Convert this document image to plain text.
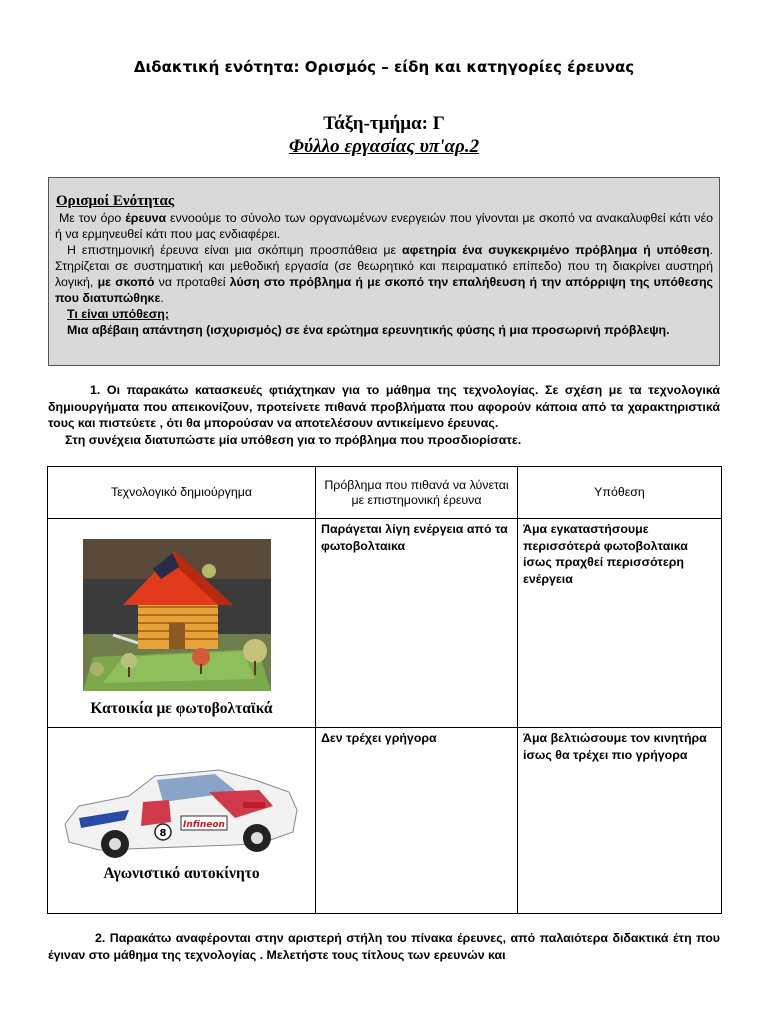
Διδακτική ενότητα: Ορισμός – είδη και κατηγορίες έρευνας
Τάξη-τμήμα: Γ
Φύλλο εργασίας υπ'αρ.2
Ορισμοί Ενότητας

Με τον όρο έρευνα εννοούμε το σύνολο των οργανωμένων ενεργειών που γίνονται με σκοπό να ανακαλυφθεί κάτι νέο ή να ερμηνευθεί κάτι που μας ενδιαφέρει.

Η επιστημονική έρευνα είναι μια σκόπιμη προσπάθεια με αφετηρία ένα συγκεκριμένο πρόβλημα ή υπόθεση. Στηρίζεται σε συστηματική και μεθοδική εργασία (σε θεωρητικό και πειραματικό επίπεδο) που τη διακρίνει αυστηρή λογική, με σκοπό να προταθεί λύση στο πρόβλημα ή με σκοπό την επαλήθευση ή την απόρριψη της υπόθεσης που διατυπώθηκε.

Τι είναι υπόθεση;

Μια αβέβαιη απάντηση (ισχυρισμός) σε ένα ερώτημα ερευνητικής φύσης ή μια προσωρινή πρόβλεψη.

1. Οι παρακάτω κατασκευές φτιάχτηκαν για το μάθημα της τεχνολογίας. Σε σχέση με τα τεχνολογικά δημιουργήματα που απεικονίζουν, προτείνετε πιθανά προβλήματα που αφορούν κάποια από τα χαρακτηριστικά τους και πιστεύετε , ότι θα μπορούσαν να αποτελέσουν αντικείμενο έρευνας.

Στη συνέχεια διατυπώστε μία υπόθεση για το πρόβλημα που προσδιορίσατε.

Τεχνολογικό δημιούργημα	Πρόβλημα που πιθανά να λύνεται με επιστημονική έρευνα	Υπόθεση

Κατοικία με φωτοβολταϊκά	Παράγεται λίγη ενέργεια από τα φωτοβολταικα	Άμα εγκαταστήσουμε περισσότερά φωτοβολταικα ίσως πραχθεί περισσότερη ενέργεια

Infineon
8
Αγωνιστικό αυτοκίνητο	Δεν τρέχει γρήγορα	Άμα βελτιώσουμε τον κινητήρα ίσως θα τρέχει πιο γρήγορα

2. Παρακάτω αναφέρονται στην αριστερή στήλη του πίνακα έρευνες, από παλαιότερα διδακτικά έτη που έγιναν στο μάθημα της τεχνολογίας . Μελετήστε τους τίτλους των ερευνών και
